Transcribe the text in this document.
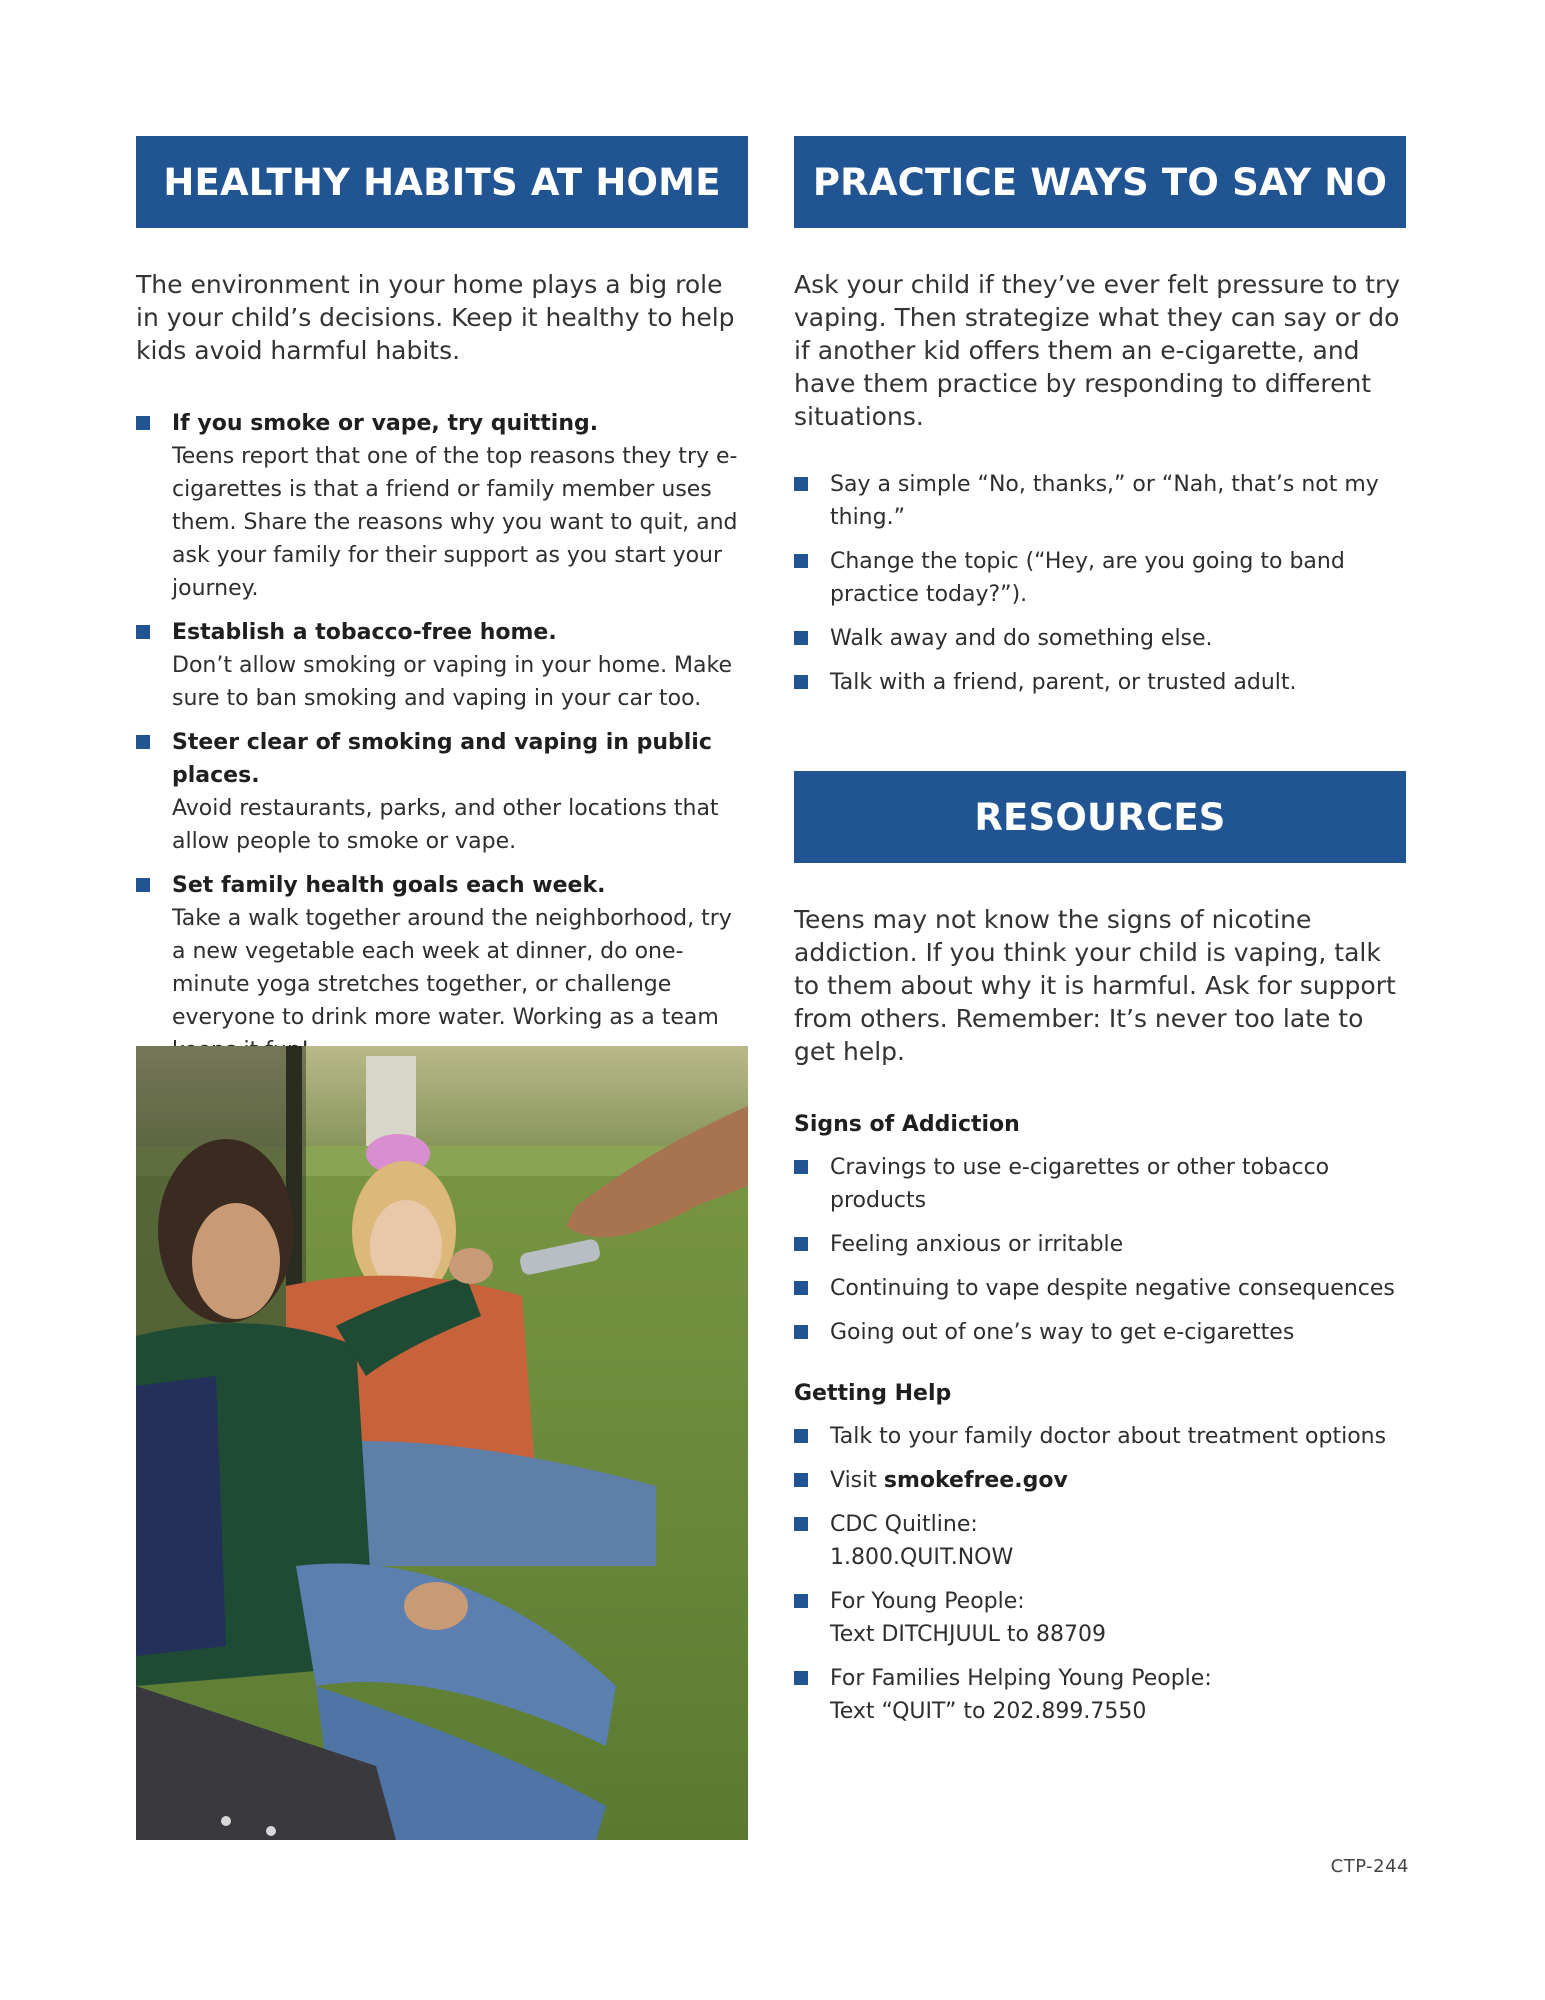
HEALTHY HABITS AT HOME

The environment in your home plays a big role in your child’s decisions. Keep it healthy to help kids avoid harmful habits.

If you smoke or vape, try quitting.
Teens report that one of the top reasons they try e-cigarettes is that a friend or family member uses them. Share the reasons why you want to quit, and ask your family for their support as you start your journey.
Establish a tobacco-free home.
Don’t allow smoking or vaping in your home. Make sure to ban smoking and vaping in your car too.
Steer clear of smoking and vaping in public places.
Avoid restaurants, parks, and other locations that allow people to smoke or vape.
Set family health goals each week.
Take a walk together around the neighborhood, try a new vegetable each week at dinner, do one-minute yoga stretches together, or challenge everyone to drink more water. Working as a team
PRACTICE WAYS TO SAY NO

Ask your child if they’ve ever felt pressure to try vaping. Then strategize what they can say or do if another kid offers them an e-cigarette, and have them practice by responding to different situations.

Say a simple “No, thanks,” or “Nah, that’s not my thing.”
Change the topic (“Hey, are you going to band practice today?”).
Walk away and do something else.
Talk with a friend, parent, or trusted adult.
RESOURCES

Teens may not know the signs of nicotine addiction. If you think your child is vaping, talk to them about why it is harmful. Ask for support from others. Remember: It’s never too late to get help.

Signs of Addiction

Cravings to use e-cigarettes or other tobacco products
Feeling anxious or irritable
Continuing to vape despite negative consequences
Going out of one’s way to get e-cigarettes

Getting Help

Talk to your family doctor about treatment options
Visit smokefree.gov
CDC Quitline:
1.800.QUIT.NOW
For Young People:
Text DITCHJUUL to 88709
For Families Helping Young People:
Text “QUIT” to 202.899.7550
CTP-244
